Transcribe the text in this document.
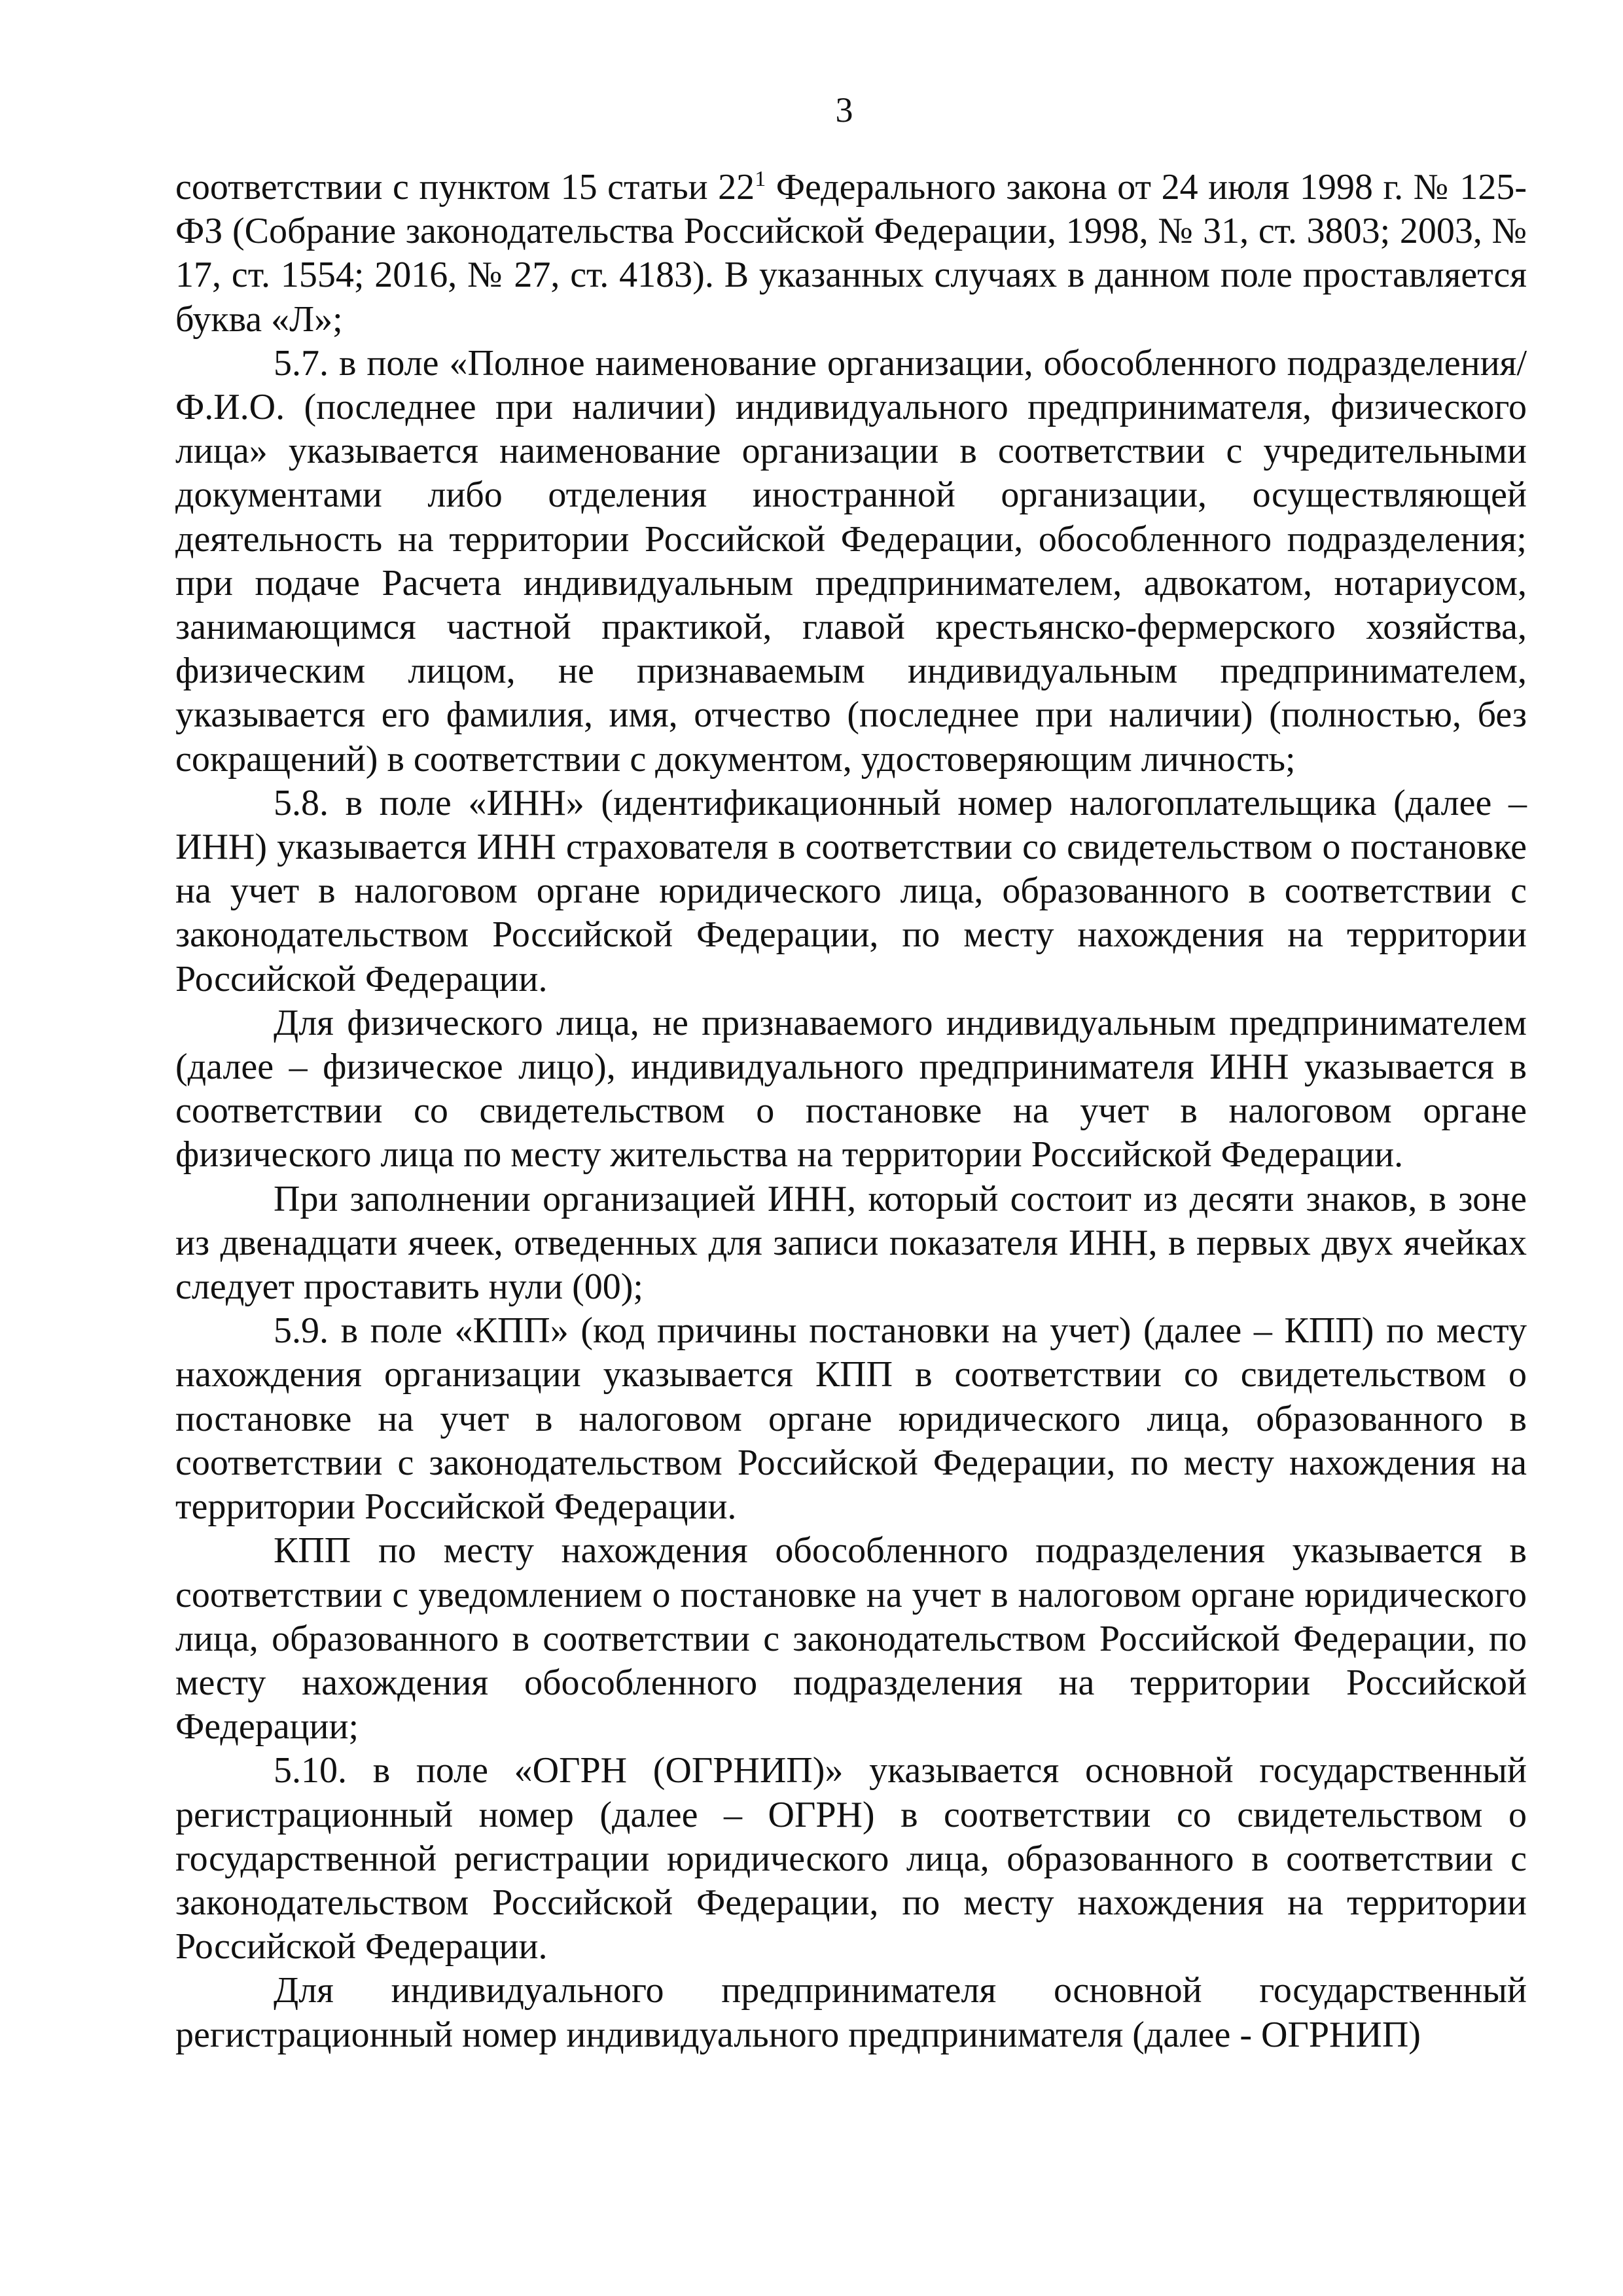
3

соответствии с пунктом 15 статьи $22^1$ Федерального закона от 24 июля 1998 г. № 125-ФЗ (Собрание законодательства Российской Федерации, 1998, № 31, ст. 3803; 2003, № 17, ст. 1554; 2016, № 27, ст. 4183). В указанных случаях в данном поле проставляется буква «Л»;

5.7. в поле «Полное наименование организации, обособленного подразделения/Ф.И.О. (последнее при наличии) индивидуального предпринимателя, физического лица» указывается наименование организации в соответствии с учредительными документами либо отделения иностранной организации, осуществляющей деятельность на территории Российской Федерации, обособленного подразделения; при подаче Расчета индивидуальным предпринимателем, адвокатом, нотариусом, занимающимся частной практикой, главой крестьянско-фермерского хозяйства, физическим лицом, не признаваемым индивидуальным предпринимателем, указывается его фамилия, имя, отчество (последнее при наличии) (полностью, без сокращений) в соответствии с документом, удостоверяющим личность;

5.8. в поле «ИНН» (идентификационный номер налогоплательщика (далее – ИНН) указывается ИНН страхователя в соответствии со свидетельством о постановке на учет в налоговом органе юридического лица, образованного в соответствии с законодательством Российской Федерации, по месту нахождения на территории Российской Федерации.

Для физического лица, не признаваемого индивидуальным предпринимателем (далее – физическое лицо), индивидуального предпринимателя ИНН указывается в соответствии со свидетельством о постановке на учет в налоговом органе физического лица по месту жительства на территории Российской Федерации.

При заполнении организацией ИНН, который состоит из десяти знаков, в зоне из двенадцати ячеек, отведенных для записи показателя ИНН, в первых двух ячейках следует проставить нули (00);

5.9. в поле «КПП» (код причины постановки на учет) (далее – КПП) по месту нахождения организации указывается КПП в соответствии со свидетельством о постановке на учет в налоговом органе юридического лица, образованного в соответствии с законодательством Российской Федерации, по месту нахождения на территории Российской Федерации.

КПП по месту нахождения обособленного подразделения указывается в соответствии с уведомлением о постановке на учет в налоговом органе юридического лица, образованного в соответствии с законодательством Российской Федерации, по месту нахождения обособленного подразделения на территории Российской Федерации;

5.10. в поле «ОГРН (ОГРНИП)» указывается основной государственный регистрационный номер (далее – ОГРН) в соответствии со свидетельством о государственной регистрации юридического лица, образованного в соответствии с законодательством Российской Федерации, по месту нахождения на территории Российской Федерации.

Для индивидуального предпринимателя основной государственный регистрационный номер индивидуального предпринимателя (далее - ОГРНИП)
